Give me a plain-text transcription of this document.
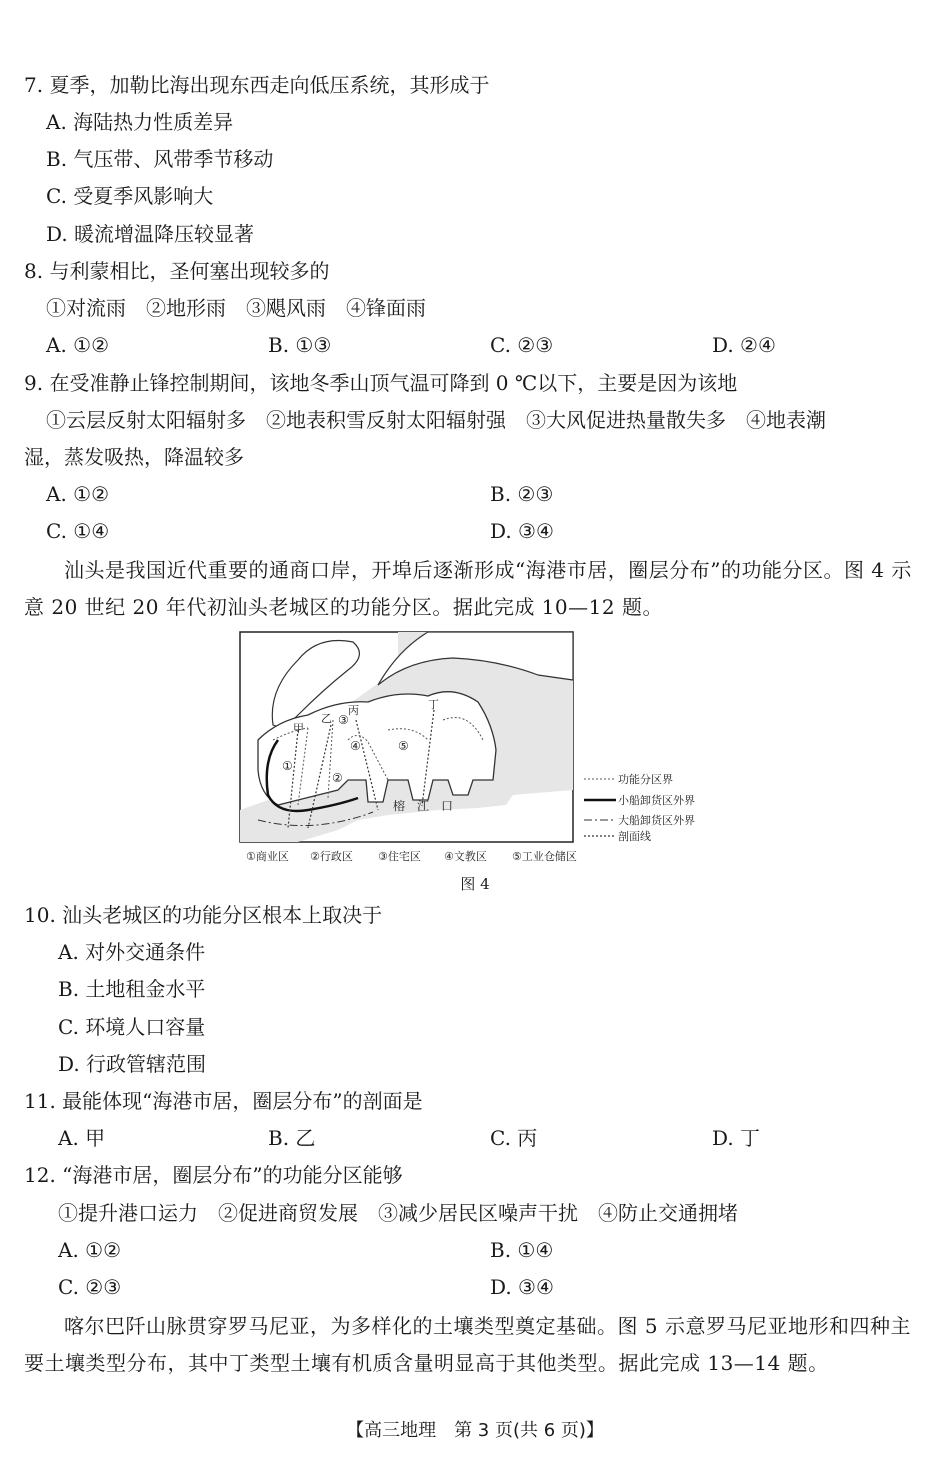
7. 夏季，加勒比海出现东西走向低压系统，其形成于
A. 海陆热力性质差异
B. 气压带、风带季节移动
C. 受夏季风影响大
D. 暖流增温降压较显著
8. 与利蒙相比，圣何塞出现较多的
①对流雨　②地形雨　③飓风雨　④锋面雨
A. ①②	B. ①③	C. ②③	D. ②④
9. 在受准静止锋控制期间，该地冬季山顶气温可降到 0 ℃以下，主要是因为该地
①云层反射太阳辐射多　②地表积雪反射太阳辐射强　③大风促进热量散失多　④地表潮
湿，蒸发吸热，降温较多
A. ①②	B. ②③
C. ①④	D. ③④
汕头是我国近代重要的通商口岸，开埠后逐渐形成“海港市居，圈层分布”的功能分区。图 4 示意 20 世纪 20 年代初汕头老城区的功能分区。据此完成 10—12 题。
甲
乙
丙	丁
①
②
③
④	⑤
榕　江　口
功能分区界
小船卸货区外界
大船卸货区外界
剖面线
①商业区 ②行政区 ③住宅区 ④文教区 ⑤工业仓储区
图 4
10. 汕头老城区的功能分区根本上取决于
A. 对外交通条件
B. 土地租金水平
C. 环境人口容量
D. 行政管辖范围
11. 最能体现“海港市居，圈层分布”的剖面是
A. 甲	B. 乙	C. 丙	D. 丁
12. “海港市居，圈层分布”的功能分区能够
①提升港口运力　②促进商贸发展　③减少居民区噪声干扰　④防止交通拥堵
A. ①②	B. ①④
C. ②③	D. ③④
喀尔巴阡山脉贯穿罗马尼亚，为多样化的土壤类型奠定基础。图 5 示意罗马尼亚地形和四种主要土壤类型分布，其中丁类型土壤有机质含量明显高于其他类型。据此完成 13—14 题。
【高三地理　第 3 页(共 6 页)】
